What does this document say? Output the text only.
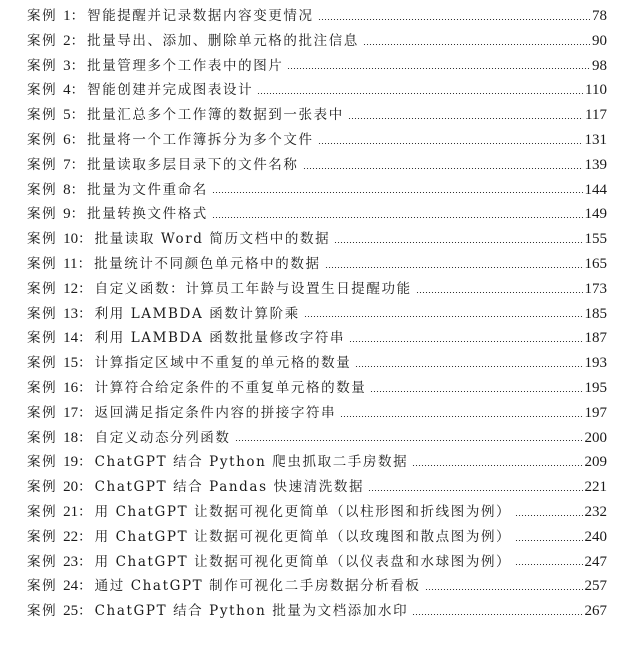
案例 1： 智能提醒并记录数据内容变更情况	78
案例 2： 批量导出、添加、删除单元格的批注信息	90
案例 3： 批量管理多个工作表中的图片	98
案例 4： 智能创建并完成图表设计	110
案例 5： 批量汇总多个工作簿的数据到一张表中	117
案例 6： 批量将一个工作簿拆分为多个文件	131
案例 7： 批量读取多层目录下的文件名称	139
案例 8： 批量为文件重命名	144
案例 9： 批量转换文件格式	149
案例 10： 批量读取 Word 简历文档中的数据	155
案例 11： 批量统计不同颜色单元格中的数据	165
案例 12： 自定义函数：计算员工年龄与设置生日提醒功能	173
案例 13： 利用 LAMBDA 函数计算阶乘	185
案例 14： 利用 LAMBDA 函数批量修改字符串	187
案例 15： 计算指定区域中不重复的单元格的数量	193
案例 16： 计算符合给定条件的不重复单元格的数量	195
案例 17： 返回满足指定条件内容的拼接字符串	197
案例 18： 自定义动态分列函数	200
案例 19： ChatGPT 结合 Python 爬虫抓取二手房数据	209
案例 20： ChatGPT 结合 Pandas 快速清洗数据	221
案例 21： 用 ChatGPT 让数据可视化更简单（以柱形图和折线图为例）	232
案例 22： 用 ChatGPT 让数据可视化更简单（以玫瑰图和散点图为例）	240
案例 23： 用 ChatGPT 让数据可视化更简单（以仪表盘和水球图为例）	247
案例 24： 通过 ChatGPT 制作可视化二手房数据分析看板	257
案例 25： ChatGPT 结合 Python 批量为文档添加水印	267
